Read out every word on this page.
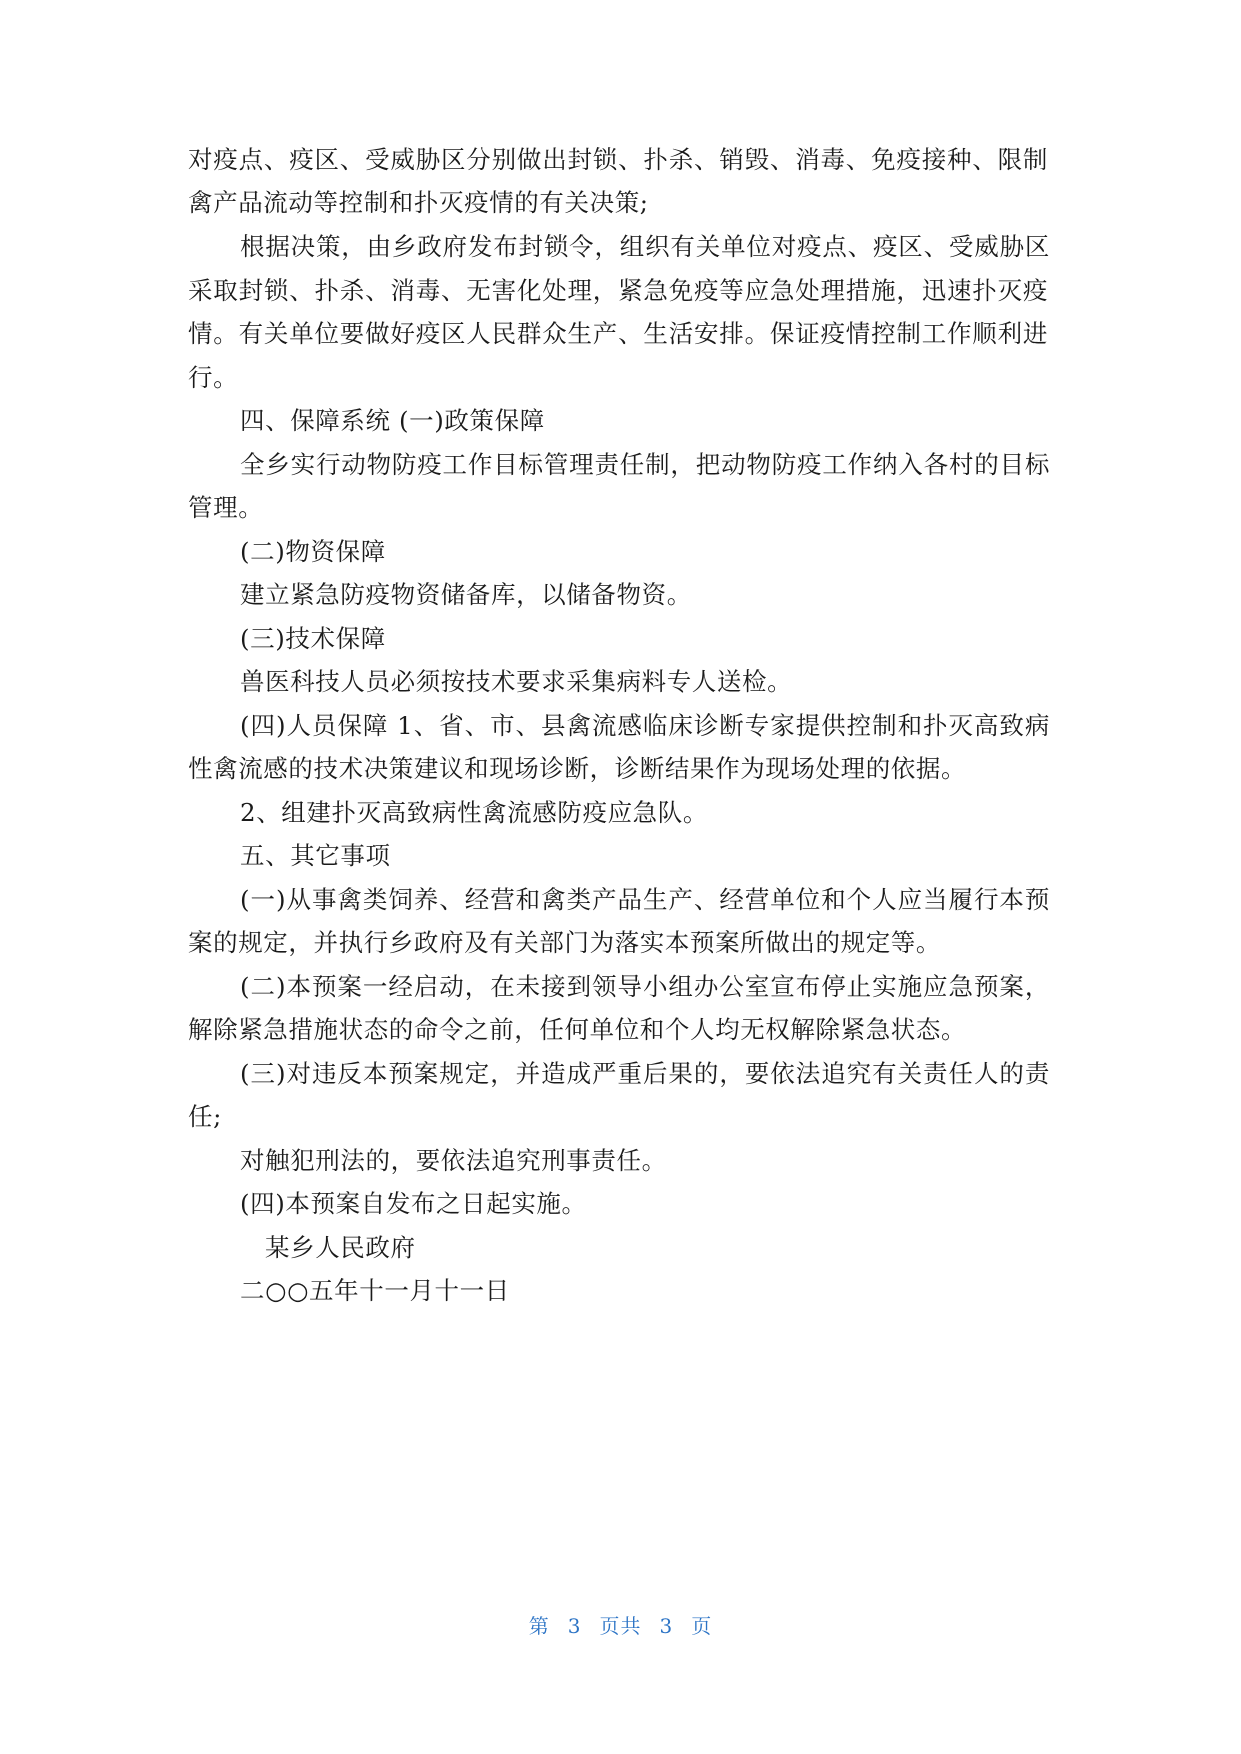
对疫点、疫区、受威胁区分别做出封锁、扑杀、销毁、消毒、免疫接种、限制
禽产品流动等控制和扑灭疫情的有关决策;
根据决策，由乡政府发布封锁令，组织有关单位对疫点、疫区、受威胁区
采取封锁、扑杀、消毒、无害化处理，紧急免疫等应急处理措施，迅速扑灭疫
情。有关单位要做好疫区人民群众生产、生活安排。保证疫情控制工作顺利进
行。
四、保障系统 (一)政策保障
全乡实行动物防疫工作目标管理责任制，把动物防疫工作纳入各村的目标
管理。
(二)物资保障
建立紧急防疫物资储备库，以储备物资。
(三)技术保障
兽医科技人员必须按技术要求采集病料专人送检。
(四)人员保障 1、省、市、县禽流感临床诊断专家提供控制和扑灭高致病
性禽流感的技术决策建议和现场诊断，诊断结果作为现场处理的依据。
2、组建扑灭高致病性禽流感防疫应急队。
五、其它事项
(一)从事禽类饲养、经营和禽类产品生产、经营单位和个人应当履行本预
案的规定，并执行乡政府及有关部门为落实本预案所做出的规定等。
(二)本预案一经启动，在未接到领导小组办公室宣布停止实施应急预案，
解除紧急措施状态的命令之前，任何单位和个人均无权解除紧急状态。
(三)对违反本预案规定，并造成严重后果的，要依法追究有关责任人的责
任;
对触犯刑法的，要依法追究刑事责任。
(四)本预案自发布之日起实施。
某乡人民政府
二○○五年十一月十一日
第 3 页共 3 页
